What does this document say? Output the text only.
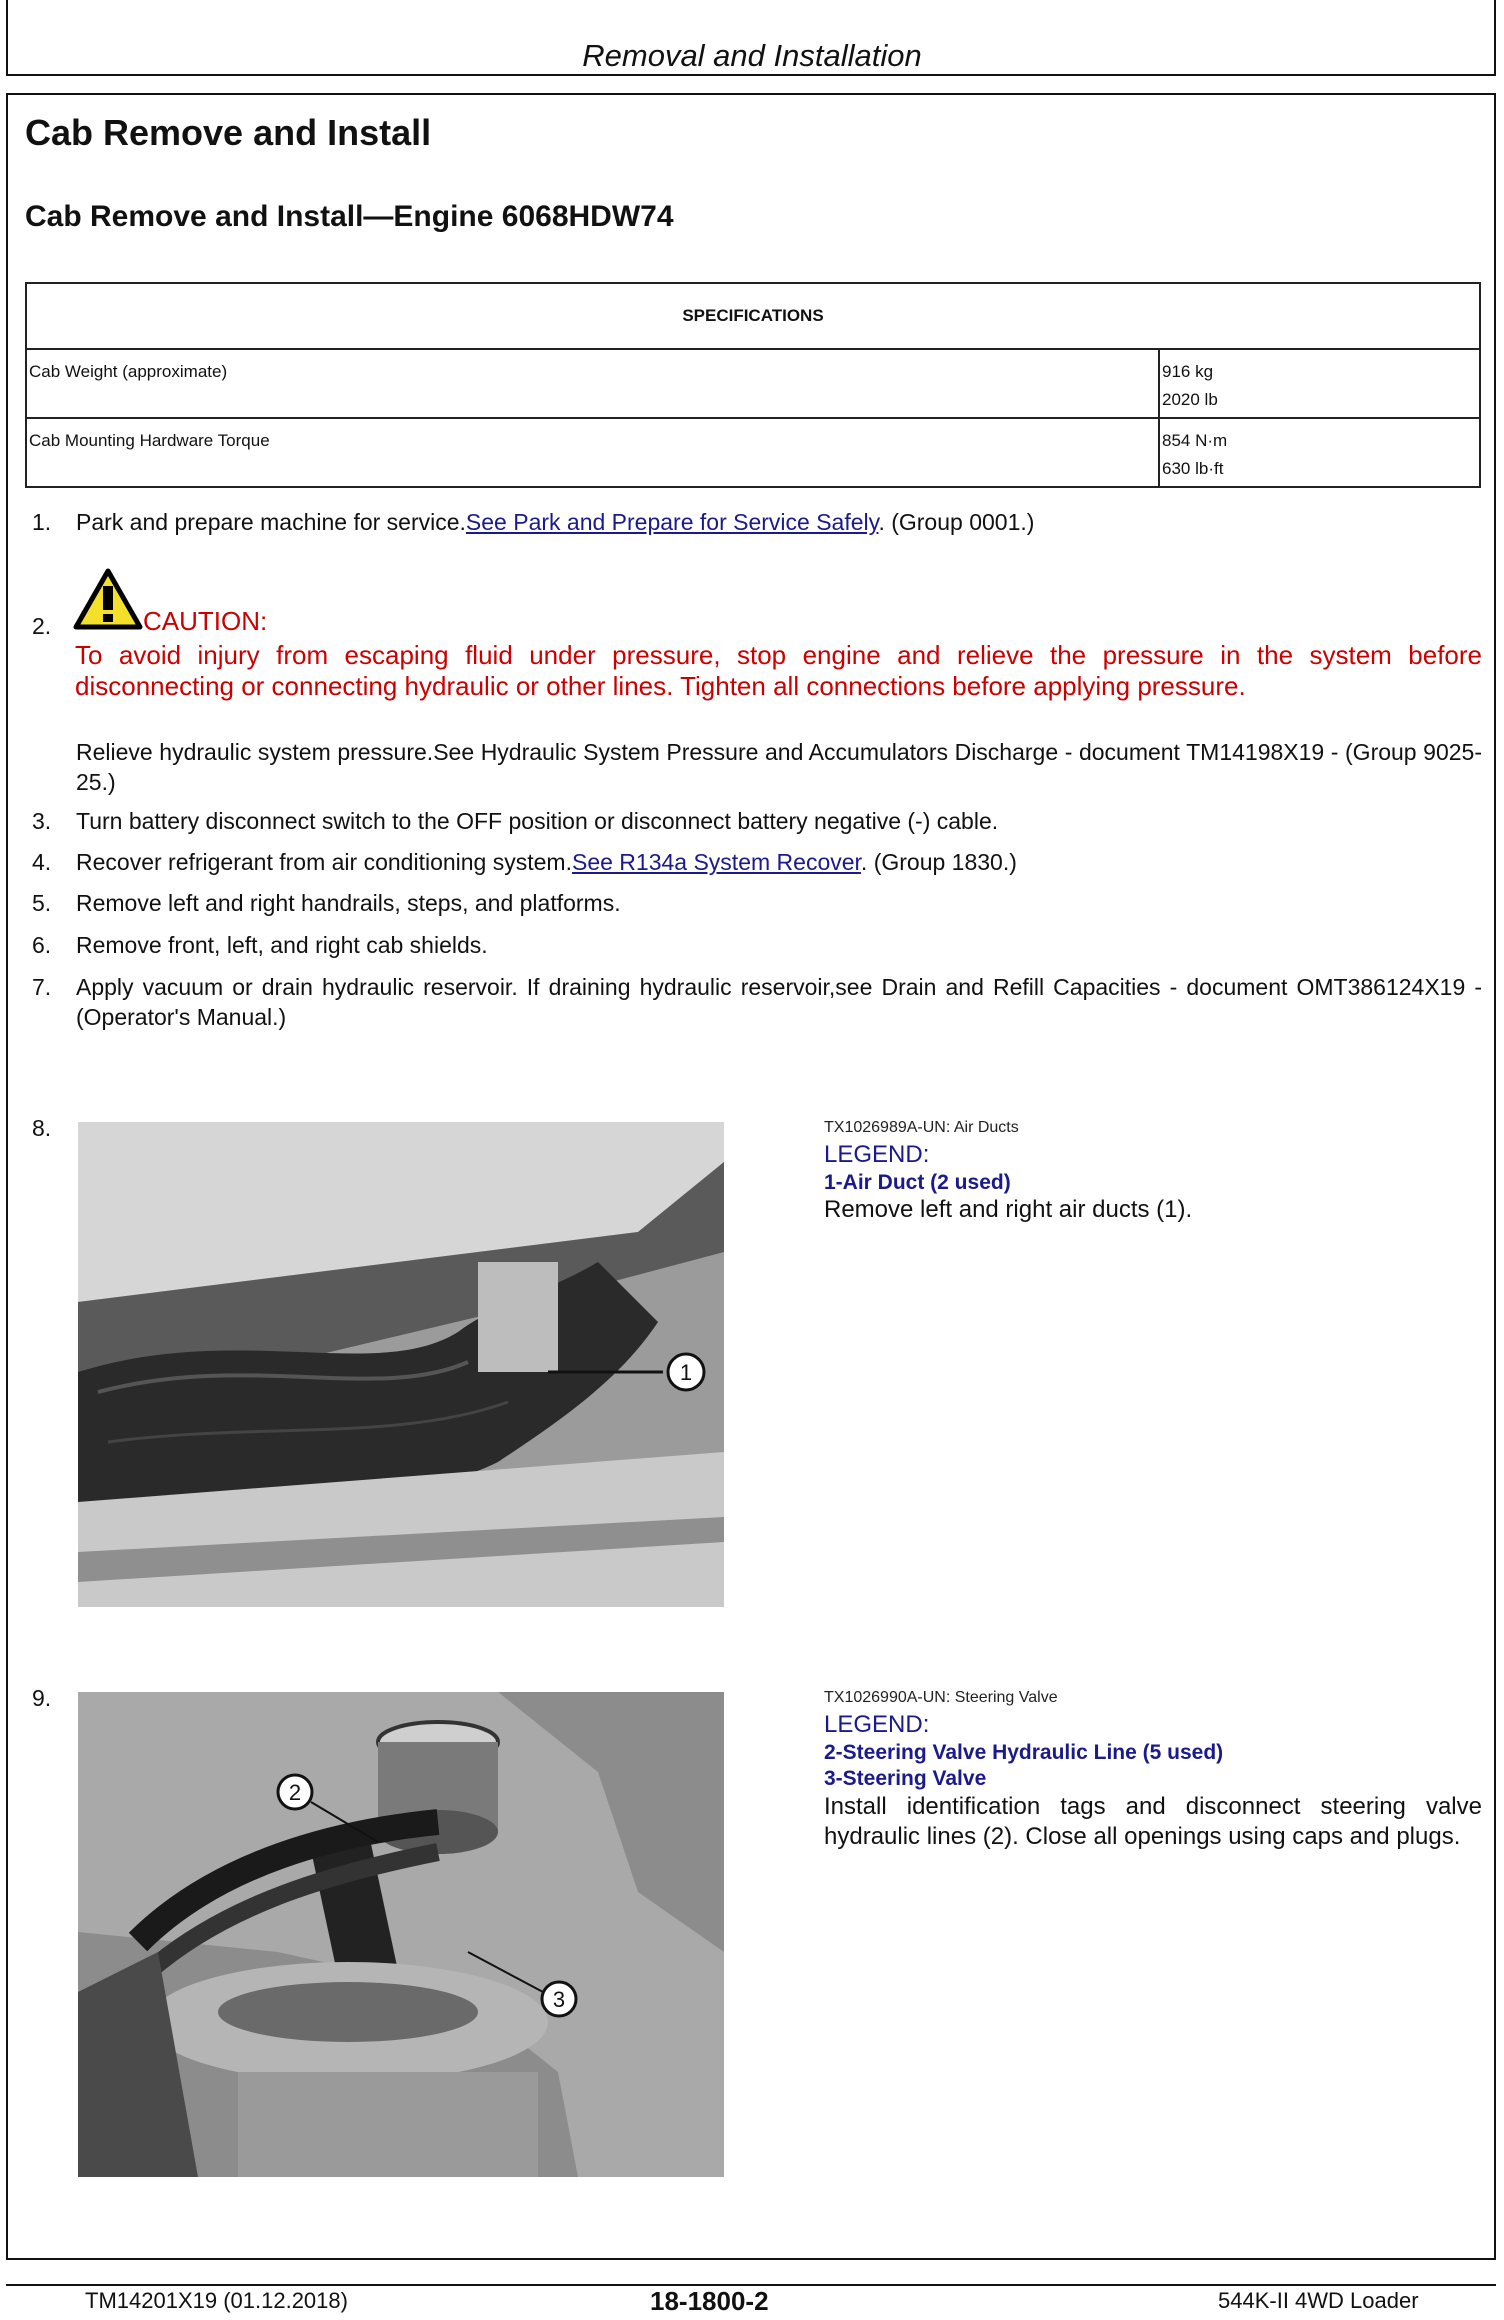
Removal and Installation
Cab Remove and Install
Cab Remove and Install—Engine 6068HDW74
SPECIFICATIONS	
Cab Weight (approximate)	916 kg
2020 lb

Cab Mounting Hardware Torque	854 N·m
630 lb·ft
1. Park and prepare machine for service.See Park and Prepare for Service Safely. (Group 0001.)
2.	CAUTION:
To avoid injury from escaping fluid under pressure, stop engine and relieve the pressure in the system before disconnecting or connecting hydraulic or other lines. Tighten all connections before applying pressure.
Relieve hydraulic system pressure.See Hydraulic System Pressure and Accumulators Discharge - document TM14198X19 - (Group 9025-25.)
3. Turn battery disconnect switch to the OFF position or disconnect battery negative (-) cable.
4. Recover refrigerant from air conditioning system.See R134a System Recover. (Group 1830.)
5. Remove left and right handrails, steps, and platforms.
6. Remove front, left, and right cab shields.
7. Apply vacuum or drain hydraulic reservoir. If draining hydraulic reservoir,see Drain and Refill Capacities - document OMT386124X19 - (Operator's Manual.)
8.
1
TX1026989A-UN: Air Ducts
LEGEND:
1-Air Duct (2 used)
Remove left and right air ducts (1).
9.
2
3
TX1026990A-UN: Steering Valve
LEGEND:
2-Steering Valve Hydraulic Line (5 used)
3-Steering Valve
Install identification tags and disconnect steering valve hydraulic lines (2). Close all openings using caps and plugs.
TM14201X19 (01.12.2018)	18-1800-2	544K-II 4WD Loader
